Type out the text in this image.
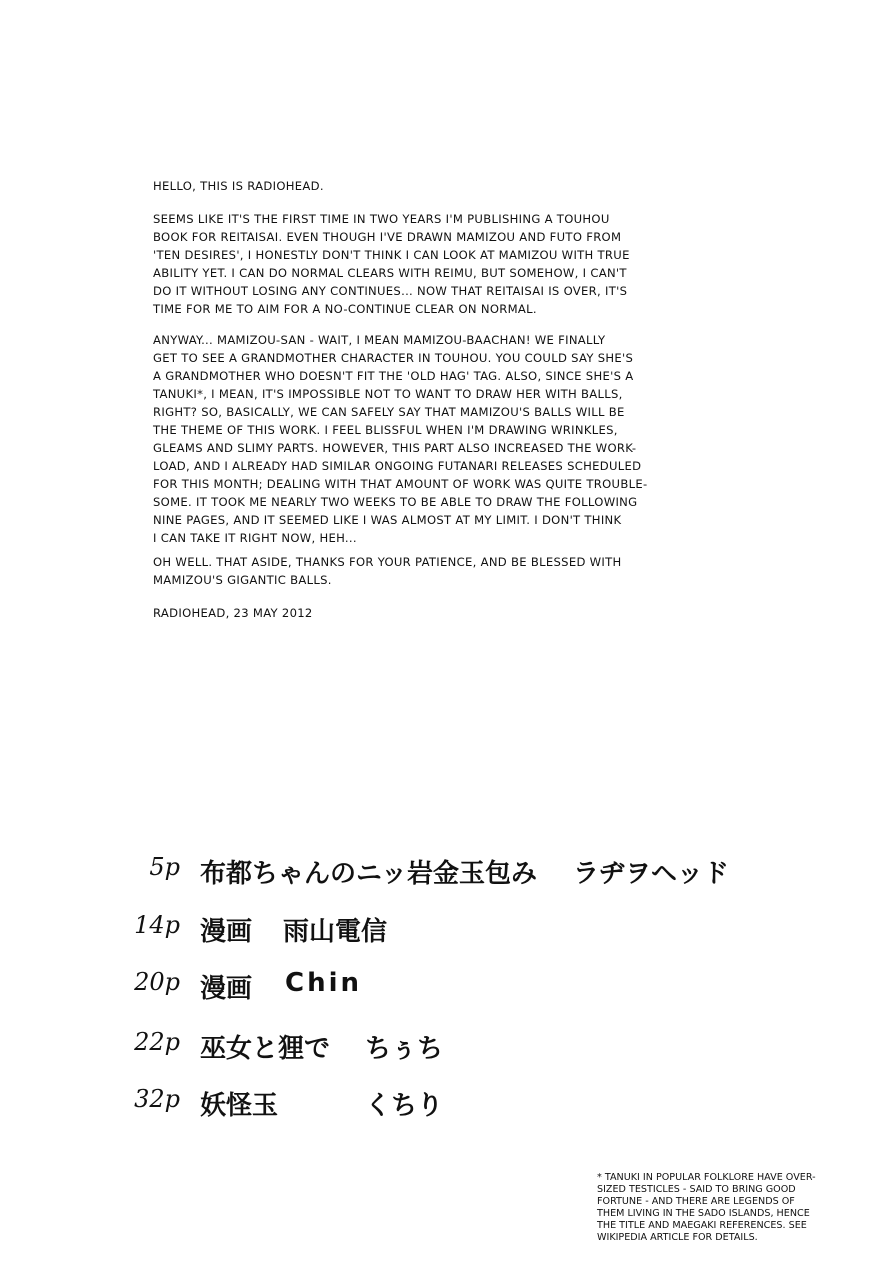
HELLO, THIS IS RADIOHEAD.
SEEMS LIKE IT'S THE FIRST TIME IN TWO YEARS I'M PUBLISHING A TOUHOU
BOOK FOR REITAISAI. EVEN THOUGH I'VE DRAWN MAMIZOU AND FUTO FROM
'TEN DESIRES', I HONESTLY DON'T THINK I CAN LOOK AT MAMIZOU WITH TRUE
ABILITY YET. I CAN DO NORMAL CLEARS WITH REIMU, BUT SOMEHOW, I CAN'T
DO IT WITHOUT LOSING ANY CONTINUES... NOW THAT REITAISAI IS OVER, IT'S
TIME FOR ME TO AIM FOR A NO-CONTINUE CLEAR ON NORMAL.
ANYWAY... MAMIZOU-SAN - WAIT, I MEAN MAMIZOU-BAACHAN! WE FINALLY
GET TO SEE A GRANDMOTHER CHARACTER IN TOUHOU. YOU COULD SAY SHE'S
A GRANDMOTHER WHO DOESN'T FIT THE 'OLD HAG' TAG. ALSO, SINCE SHE'S A
TANUKI*, I MEAN, IT'S IMPOSSIBLE NOT TO WANT TO DRAW HER WITH BALLS,
RIGHT? SO, BASICALLY, WE CAN SAFELY SAY THAT MAMIZOU'S BALLS WILL BE
THE THEME OF THIS WORK. I FEEL BLISSFUL WHEN I'M DRAWING WRINKLES,
GLEAMS AND SLIMY PARTS. HOWEVER, THIS PART ALSO INCREASED THE WORK-
LOAD, AND I ALREADY HAD SIMILAR ONGOING FUTANARI RELEASES SCHEDULED
FOR THIS MONTH; DEALING WITH THAT AMOUNT OF WORK WAS QUITE TROUBLE-
SOME. IT TOOK ME NEARLY TWO WEEKS TO BE ABLE TO DRAW THE FOLLOWING
NINE PAGES, AND IT SEEMED LIKE I WAS ALMOST AT MY LIMIT. I DON'T THINK
I CAN TAKE IT RIGHT NOW, HEH...
OH WELL. THAT ASIDE, THANKS FOR YOUR PATIENCE, AND BE BLESSED WITH
MAMIZOU'S GIGANTIC BALLS.
RADIOHEAD, 23 MAY 2012
5p 布都ちゃんのニッ岩金玉包み ラヂヲヘッド
14p 漫画 雨山電信
20p 漫画 Chin
22p 巫女と狸で ちぅち
32p 妖怪玉	くちり
* TANUKI IN POPULAR FOLKLORE HAVE OVER-
SIZED TESTICLES - SAID TO BRING GOOD
FORTUNE - AND THERE ARE LEGENDS OF
THEM LIVING IN THE SADO ISLANDS, HENCE
THE TITLE AND MAEGAKI REFERENCES. SEE
WIKIPEDIA ARTICLE FOR DETAILS.
